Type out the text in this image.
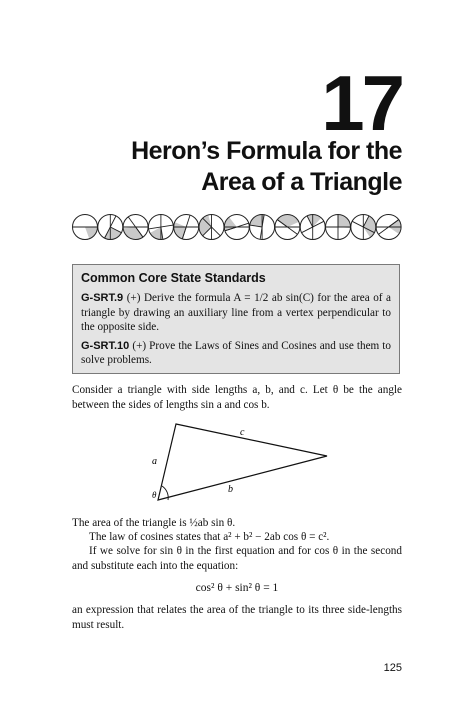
17
Heron’s Formula for the
Area of a Triangle
Common Core State Standards

G-SRT.9 (+) Derive the formula A = 1/2 ab sin(C) for the area of a triangle by drawing an auxiliary line from a vertex perpendicular to the opposite side.

G-SRT.10 (+) Prove the Laws of Sines and Cosines and use them to solve problems.

Consider a triangle with side lengths a, b, and c. Let θ be the angle between the sides of lengths sin a and cos b.

a
b
c
θ

The area of the triangle is ½ab sin θ.

The law of cosines states that a² + b² − 2ab cos θ = c².

If we solve for sin θ in the first equation and for cos θ in the second and substitute each into the equation:

cos² θ + sin² θ = 1

an expression that relates the area of the triangle to its three side-lengths must result.

125
